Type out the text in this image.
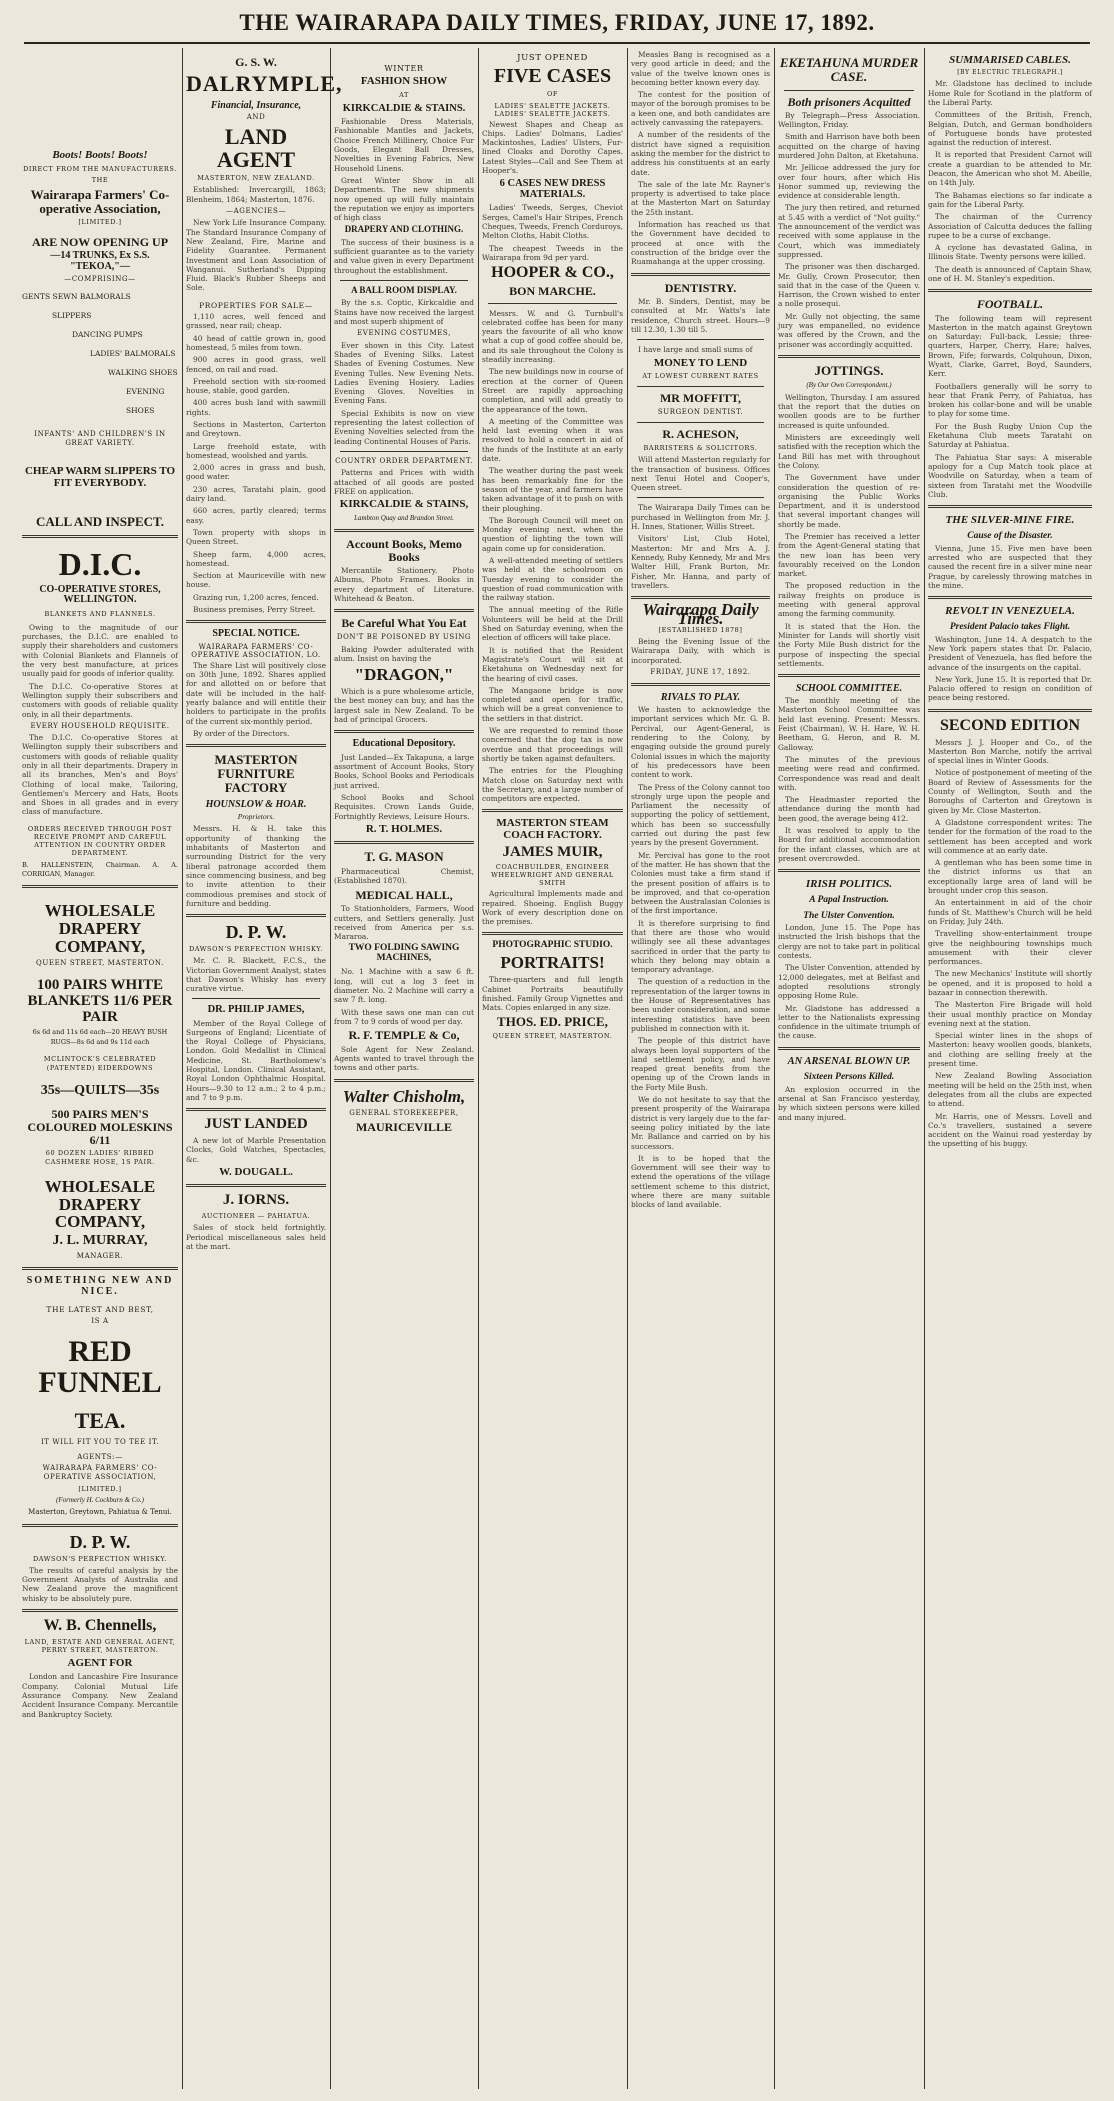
THE WAIRARAPA DAILY TIMES, FRIDAY, JUNE 17, 1892.
Boots! Boots! Boots!
DIRECT FROM THE MANUFACTURERS.
THE
Wairarapa Farmers' Co-operative Association,
[LIMITED.]
ARE NOW OPENING UP
—14 TRUNKS, Ex S.S. "TEKOA,"—
—COMPRISING—
GENTS SEWN BALMORALS
SLIPPERS
DANCING PUMPS
LADIES' BALMORALS
WALKING SHOES
EVENING SHOES
INFANTS' AND CHILDREN'S IN GREAT VARIETY.
CHEAP WARM SLIPPERS TO FIT EVERYBODY.
CALL AND INSPECT.
D.I.C.
CO-OPERATIVE STORES, WELLINGTON.
BLANKETS AND FLANNELS.
Owing to the magnitude of our purchases, the D.I.C. are enabled to supply their shareholders and customers with Colonial Blankets and Flannels of the very best manufacture, at prices usually paid for goods of inferior quality.
The D.I.C. Co-operative Stores at Wellington supply their subscribers and customers with goods of reliable quality only, in all their departments.
EVERY HOUSEHOLD REQUISITE.
The D.I.C. Co-operative Stores at Wellington supply their subscribers and customers with goods of reliable quality only in all their departments. Drapery in all its branches, Men's and Boys' Clothing of local make, Tailoring, Gentlemen's Mercery and Hats, Boots and Shoes in all grades and in every class of manufacture.
ORDERS RECEIVED THROUGH POST RECEIVE PROMPT AND CAREFUL ATTENTION IN COUNTRY ORDER DEPARTMENT.
B. HALLENSTEIN, Chairman. A. A. CORRIGAN, Manager.
WHOLESALE DRAPERY COMPANY,
QUEEN STREET, MASTERTON.
100 PAIRS WHITE BLANKETS 11/6 PER PAIR
6s 6d and 11s 6d each—20 HEAVY BUSH RUGS—8s 6d and 9s 11d each
MCLINTOCK'S CELEBRATED (PATENTED) EIDERDOWNS
35s—QUILTS—35s
500 PAIRS MEN'S COLOURED MOLESKINS 6/11
60 DOZEN LADIES' RIBBED CASHMERE HOSE, 1S PAIR.
WHOLESALE DRAPERY COMPANY,
J. L. MURRAY,
MANAGER.
SOMETHING NEW AND NICE.
THE LATEST AND BEST,
IS A
RED FUNNEL
TEA.
IT WILL FIT YOU TO TEE IT.
AGENTS:—
WAIRARAPA FARMERS' CO-OPERATIVE ASSOCIATION,
[LIMITED.]
(Formerly H. Cockburn & Co.)
Masterton, Greytown, Pahiatua & Tenui.
D. P. W.
DAWSON'S PERFECTION WHISKY.
The results of careful analysis by the Government Analysts of Australia and New Zealand prove the magnificent whisky to be absolutely pure.
W. B. Chennells,
LAND, ESTATE AND GENERAL AGENT, PERRY STREET, MASTERTON.
AGENT FOR
London and Lancashire Fire Insurance Company. Colonial Mutual Life Assurance Company. New Zealand Accident Insurance Company. Mercantile and Bankruptcy Society.
G. S. W.
DALRYMPLE,
Financial, Insurance,
AND
LAND AGENT
MASTERTON, NEW ZEALAND.
Established: Invercargill, 1863; Blenheim, 1864; Masterton, 1876.
—AGENCIES—
New York Life Insurance Company. The Standard Insurance Company of New Zealand, Fire, Marine and Fidelity Guarantee. Permanent Investment and Loan Association of Wanganui. Sutherland's Dipping Fluid. Black's Rubber Sheeps and Sole.
PROPERTIES FOR SALE—
1,110 acres, well fenced and grassed, near rail; cheap.
40 head of cattle grown in, good homestead, 5 miles from town.
900 acres in good grass, well fenced, on rail and road.
Freehold section with six-roomed house, stable, good garden.
400 acres bush land with sawmill rights.
Sections in Masterton, Carterton and Greytown.
Large freehold estate, with homestead, woolshed and yards.
2,000 acres in grass and bush, good water.
230 acres, Taratahi plain, good dairy land.
660 acres, partly cleared; terms easy.
Town property with shops in Queen Street.
Sheep farm, 4,000 acres, homestead.
Section at Mauriceville with new house.
Grazing run, 1,200 acres, fenced.
Business premises, Perry Street.
SPECIAL NOTICE.
WAIRARAPA FARMERS' CO-OPERATIVE ASSOCIATION, LO.
The Share List will positively close on 30th June, 1892. Shares applied for and allotted on or before that date will be included in the half-yearly balance and will entitle their holders to participate in the profits of the current six-monthly period.
By order of the Directors.
MASTERTON FURNITURE FACTORY
HOUNSLOW & HOAR.
Proprietors.
Messrs. H. & H. take this opportunity of thanking the inhabitants of Masterton and surrounding District for the very liberal patronage accorded them since commencing business, and beg to invite attention to their commodious premises and stock of furniture and bedding.
D. P. W.
DAWSON'S PERFECTION WHISKY.
Mr. C. R. Blackett, F.C.S., the Victorian Government Analyst, states that Dawson's Whisky has every curative virtue.
DR. PHILIP JAMES,
Member of the Royal College of Surgeons of England; Licentiate of the Royal College of Physicians, London. Gold Medallist in Clinical Medicine, St. Bartholomew's Hospital, London. Clinical Assistant, Royal London Ophthalmic Hospital. Hours—9.30 to 12 a.m.; 2 to 4 p.m.; and 7 to 9 p.m.
JUST LANDED
A new lot of Marble Presentation Clocks, Gold Watches, Spectacles, &c.
W. DOUGALL.
J. IORNS.
AUCTIONEER — PAHIATUA.
Sales of stock held fortnightly. Periodical miscellaneous sales held at the mart.
WINTER
FASHION SHOW
AT
KIRKCALDIE & STAINS.
Fashionable Dress Materials, Fashionable Mantles and Jackets, Choice French Millinery, Choice Fur Goods, Elegant Ball Dresses, Novelties in Evening Fabrics, New Household Linens.
Great Winter Show in all Departments. The new shipments now opened up will fully maintain the reputation we enjoy as importers of high class
DRAPERY AND CLOTHING.
The success of their business is a sufficient guarantee as to the variety and value given in every Department throughout the establishment.
A BALL ROOM DISPLAY.
By the s.s. Coptic, Kirkcaldie and Stains have now received the largest and most superb shipment of
EVENING COSTUMES,
Ever shown in this City. Latest Shades of Evening Silks. Latest Shades of Evening Costumes. New Evening Tulles. New Evening Nets. Ladies Evening Hosiery. Ladies Evening Gloves. Novelties in Evening Fans.
Special Exhibits is now on view representing the latest collection of Evening Novelties selected from the leading Continental Houses of Paris.
COUNTRY ORDER DEPARTMENT.
Patterns and Prices with width attached of all goods are posted FREE on application.
KIRKCALDIE & STAINS,
Lambton Quay and Brandon Street.
Account Books, Memo Books
Mercantile Stationery. Photo Albums, Photo Frames. Books in every department of Literature. Whitehead & Beaton.
Be Careful What You Eat
DON'T BE POISONED BY USING
Baking Powder adulterated with alum. Insist on having the
"DRAGON,"
Which is a pure wholesome article, the best money can buy, and has the largest sale in New Zealand. To be had of principal Grocers.
Educational Depository.
Just Landed—Ex Takapuna, a large assortment of Account Books, Story Books, School Books and Periodicals just arrived.
School Books and School Requisites. Crown Lands Guide, Fortnightly Reviews, Leisure Hours.
R. T. HOLMES.
T. G. MASON
Pharmaceutical Chemist, (Established 1870).
MEDICAL HALL,
To Stationholders, Farmers, Wood cutters, and Settlers generally. Just received from America per s.s. Mararoa.
TWO FOLDING SAWING MACHINES,
No. 1 Machine with a saw 6 ft. long, will cut a log 3 feet in diameter. No. 2 Machine will carry a saw 7 ft. long.
With these saws one man can cut from 7 to 9 cords of wood per day.
R. F. TEMPLE & Co,
Sole Agent for New Zealand. Agents wanted to travel through the towns and other parts.
Walter Chisholm,
GENERAL STOREKEEPER,
MAURICEVILLE
JUST OPENED
FIVE CASES
OF
LADIES' SEALETTE JACKETS. LADIES' SEALETTE JACKETS.
Newest Shapes and Cheap as Chips. Ladies' Dolmans, Ladies' Mackintoshes, Ladies' Ulsters, Fur-lined Cloaks and Dorothy Capes. Latest Styles—Call and See Them at Hooper's.
6 CASES NEW DRESS MATERIALS.
Ladies' Tweeds, Serges, Cheviot Serges, Camel's Hair Stripes, French Cheques, Tweeds, French Corduroys, Melton Cloths, Habit Cloths.
The cheapest Tweeds in the Wairarapa from 9d per yard.
HOOPER & CO.,
BON MARCHE.
Messrs. W. and G. Turnbull's celebrated coffee has been for many years the favourite of all who know what a cup of good coffee should be, and its sale throughout the Colony is steadily increasing.
The new buildings now in course of erection at the corner of Queen Street are rapidly approaching completion, and will add greatly to the appearance of the town.
A meeting of the Committee was held last evening when it was resolved to hold a concert in aid of the funds of the Institute at an early date.
The weather during the past week has been remarkably fine for the season of the year, and farmers have taken advantage of it to push on with their ploughing.
The Borough Council will meet on Monday evening next, when the question of lighting the town will again come up for consideration.
A well-attended meeting of settlers was held at the schoolroom on Tuesday evening to consider the question of road communication with the railway station.
The annual meeting of the Rifle Volunteers will be held at the Drill Shed on Saturday evening, when the election of officers will take place.
It is notified that the Resident Magistrate's Court will sit at Eketahuna on Wednesday next for the hearing of civil cases.
The Mangaone bridge is now completed and open for traffic, which will be a great convenience to the settlers in that district.
We are requested to remind those concerned that the dog tax is now overdue and that proceedings will shortly be taken against defaulters.
The entries for the Ploughing Match close on Saturday next with the Secretary, and a large number of competitors are expected.
MASTERTON STEAM COACH FACTORY.
JAMES MUIR,
COACHBUILDER, ENGINEER WHEELWRIGHT AND GENERAL SMITH
Agricultural Implements made and repaired. Shoeing. English Buggy Work of every description done on the premises.
PHOTOGRAPHIC STUDIO.
PORTRAITS!
Three-quarters and full length Cabinet Portraits beautifully finished. Family Group Vignettes and Mats. Copies enlarged in any size.
THOS. ED. PRICE,
QUEEN STREET, MASTERTON.
Measles Bang is recognised as a very good article in deed; and the value of the twelve known ones is becoming better known every day.
The contest for the position of mayor of the borough promises to be a keen one, and both candidates are actively canvassing the ratepayers.
A number of the residents of the district have signed a requisition asking the member for the district to address his constituents at an early date.
The sale of the late Mr. Rayner's property is advertised to take place at the Masterton Mart on Saturday the 25th instant.
Information has reached us that the Government have decided to proceed at once with the construction of the bridge over the Ruamahanga at the upper crossing.
DENTISTRY.
Mr. B. Sinders, Dentist, may be consulted at Mr. Watts's late residence, Church street. Hours—9 till 12.30, 1.30 till 5.
I have large and small sums of
MONEY TO LEND
AT LOWEST CURRENT RATES
MR MOFFITT,
SURGEON DENTIST.
R. ACHESON,
BARRISTERS & SOLICITORS.
Will attend Masterton regularly for the transaction of business. Offices next Tenui Hotel and Cooper's, Queen street.
The Wairarapa Daily Times can be purchased in Wellington from Mr. J. H. Innes, Stationer, Willis Street.
Visitors' List, Club Hotel, Masterton: Mr and Mrs A. J. Kennedy, Ruby Kennedy, Mr and Mrs Walter Hill, Frank Burton, Mr. Fisher, Mr. Hanna, and party of travellers.
Wairarapa Daily Times.
[ESTABLISHED 1878]
Being the Evening Issue of the Wairarapa Daily, with which is incorporated.
FRIDAY, JUNE 17, 1892.
RIVALS TO PLAY.
We hasten to acknowledge the important services which Mr. G. B. Percival, our Agent-General, is rendering to the Colony, by engaging outside the ground purely Colonial issues in which the majority of his predecessors have been content to work.
The Press of the Colony cannot too strongly urge upon the people and Parliament the necessity of supporting the policy of settlement, which has been so successfully carried out during the past few years by the present Government.
Mr. Percival has gone to the root of the matter. He has shown that the Colonies must take a firm stand if the present position of affairs is to be improved, and that co-operation between the Australasian Colonies is of the first importance.
It is therefore surprising to find that there are those who would willingly see all these advantages sacrificed in order that the party to which they belong may obtain a temporary advantage.
The question of a reduction in the representation of the larger towns in the House of Representatives has been under consideration, and some interesting statistics have been published in connection with it.
The people of this district have always been loyal supporters of the land settlement policy, and have reaped great benefits from the opening up of the Crown lands in the Forty Mile Bush.
We do not hesitate to say that the present prosperity of the Wairarapa district is very largely due to the far-seeing policy initiated by the late Mr. Ballance and carried on by his successors.
It is to be hoped that the Government will see their way to extend the operations of the village settlement scheme to this district, where there are many suitable blocks of land available.
EKETAHUNA MURDER CASE.
Both prisoners Acquitted
By Telegraph—Press Association. Wellington, Friday.
Smith and Harrison have both been acquitted on the charge of having murdered John Dalton, at Eketahuna.
Mr. Jellicoe addressed the jury for over four hours, after which His Honor summed up, reviewing the evidence at considerable length.
The jury then retired, and returned at 5.45 with a verdict of "Not guilty." The announcement of the verdict was received with some applause in the Court, which was immediately suppressed.
The prisoner was then discharged. Mr. Gully, Crown Prosecutor, then said that in the case of the Queen v. Harrison, the Crown wished to enter a nolle prosequi.
Mr. Gully not objecting, the same jury was empanelled, no evidence was offered by the Crown, and the prisoner was accordingly acquitted.
JOTTINGS.
(By Our Own Correspondent.)
Wellington, Thursday. I am assured that the report that the duties on woollen goods are to be further increased is quite unfounded.
Ministers are exceedingly well satisfied with the reception which the Land Bill has met with throughout the Colony.
The Government have under consideration the question of re-organising the Public Works Department, and it is understood that several important changes will shortly be made.
The Premier has received a letter from the Agent-General stating that the new loan has been very favourably received on the London market.
The proposed reduction in the railway freights on produce is meeting with general approval among the farming community.
It is stated that the Hon. the Minister for Lands will shortly visit the Forty Mile Bush district for the purpose of inspecting the special settlements.
SCHOOL COMMITTEE.
The monthly meeting of the Masterton School Committee was held last evening. Present: Messrs. Feist (Chairman), W. H. Hare, W. H. Beetham, G. Heron, and R. M. Galloway.
The minutes of the previous meeting were read and confirmed. Correspondence was read and dealt with.
The Headmaster reported the attendance during the month had been good, the average being 412.
It was resolved to apply to the Board for additional accommodation for the infant classes, which are at present overcrowded.
IRISH POLITICS.
A Papal Instruction.
The Ulster Convention.
London, June 15. The Pope has instructed the Irish bishops that the clergy are not to take part in political contests.
The Ulster Convention, attended by 12,000 delegates, met at Belfast and adopted resolutions strongly opposing Home Rule.
Mr. Gladstone has addressed a letter to the Nationalists expressing confidence in the ultimate triumph of the cause.
AN ARSENAL BLOWN UP.
Sixteen Persons Killed.
An explosion occurred in the arsenal at San Francisco yesterday, by which sixteen persons were killed and many injured.
SUMMARISED CABLES.
[BY ELECTRIC TELEGRAPH.]
Mr. Gladstone has declined to include Home Rule for Scotland in the platform of the Liberal Party.
Committees of the British, French, Belgian, Dutch, and German bondholders of Portuguese bonds have protested against the reduction of interest.
It is reported that President Carnot will create a guardian to be attended to Mr. Deacon, the American who shot M. Abeille, on 14th July.
The Bahamas elections so far indicate a gain for the Liberal Party.
The chairman of the Currency Association of Calcutta deduces the falling rupee to be a curse of exchange.
A cyclone has devastated Galina, in Illinois State. Twenty persons were killed.
The death is announced of Captain Shaw, one of H. M. Stanley's expedition.
FOOTBALL.
The following team will represent Masterton in the match against Greytown on Saturday: Full-back, Lessie; three-quarters, Harper, Cherry, Hare; halves, Brown, Fife; forwards, Colquhoun, Dixon, Wyatt, Clarke, Garret, Boyd, Saunders, Kerr.
Footballers generally will be sorry to hear that Frank Perry, of Pahiatua, has broken his collar-bone and will be unable to play for some time.
For the Bush Rugby Union Cup the Eketahuna Club meets Taratahi on Saturday at Pahiatua.
The Pahiatua Star says: A miserable apology for a Cup Match took place at Woodville on Saturday, when a team of sixteen from Taratahi met the Woodville Club.
THE SILVER-MINE FIRE.
Cause of the Disaster.
Vienna, June 15. Five men have been arrested who are suspected that they caused the recent fire in a silver mine near Prague, by carelessly throwing matches in the mine.
REVOLT IN VENEZUELA.
President Palacio takes Flight.
Washington, June 14. A despatch to the New York papers states that Dr. Palacio, President of Venezuela, has fled before the advance of the insurgents on the capital.
New York, June 15. It is reported that Dr. Palacio offered to resign on condition of peace being restored.
SECOND EDITION
Messrs J. J. Hooper and Co., of the Masterton Bon Marche, notify the arrival of special lines in Winter Goods.
Notice of postponement of meeting of the Board of Review of Assessments for the County of Wellington, South and the Boroughs of Carterton and Greytown is given by Mr. Close Masterton.
A Gladstone correspondent writes: The tender for the formation of the road to the settlement has been accepted and work will commence at an early date.
A gentleman who has been some time in the district informs us that an exceptionally large area of land will be brought under crop this season.
An entertainment in aid of the choir funds of St. Matthew's Church will be held on Friday, July 24th.
Travelling show-entertainment troupe give the neighbouring townships much amusement with their clever performances.
The new Mechanics' Institute will shortly be opened, and it is proposed to hold a bazaar in connection therewith.
The Masterton Fire Brigade will hold their usual monthly practice on Monday evening next at the station.
Special winter lines in the shops of Masterton: heavy woollen goods, blankets, and clothing are selling freely at the present time.
New Zealand Bowling Association meeting will be held on the 25th inst, when delegates from all the clubs are expected to attend.
Mr. Harris, one of Messrs. Lovell and Co.'s travellers, sustained a severe accident on the Wainui road yesterday by the upsetting of his buggy.
